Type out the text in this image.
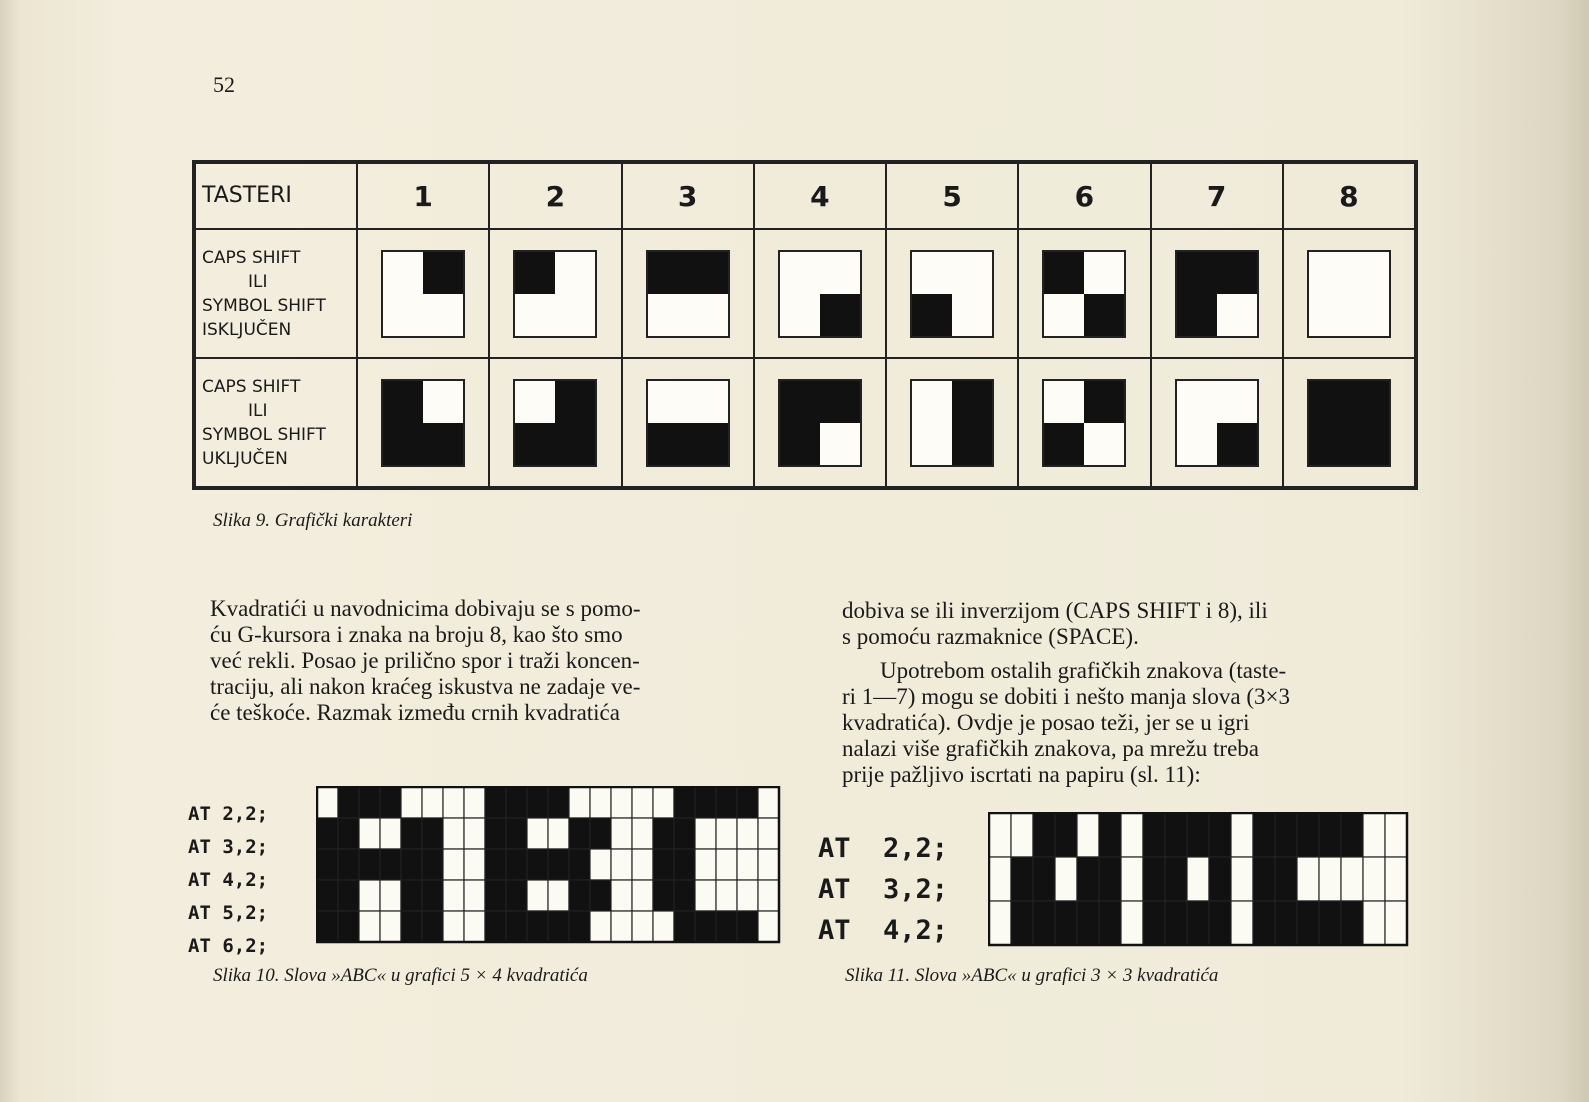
52
TASTERI	1	2	3	4	5	6	7	8

CAPS SHIFT
ILI
SYMBOL SHIFT
ISKLJUČEN								

CAPS SHIFT
ILI
SYMBOL SHIFT
UKLJUČEN								

Slika 9. Grafički karakteri
Kvadratići u navodnicima dobivaju se s pomo-
ću G-kursora i znaka na broju 8, kao što smo
već rekli. Posao je prilično spor i traži koncen-
traciju, ali nakon kraćeg iskustva ne zadaje ve-
će teškoće. Razmak između crnih kvadratića
dobiva se ili inverzijom (CAPS SHIFT i 8), ili
s pomoću razmaknice (SPACE).
Upotrebom ostalih grafičkih znakova (taste-
ri 1—7) mogu se dobiti i nešto manja slova (3×3
kvadratića). Ovdje je posao teži, jer se u igri
nalazi više grafičkih znakova, pa mrežu treba
prije pažljivo iscrtati na papiru (sl. 11):
AT 2,2;
AT 3,2;
AT 4,2;
AT 5,2;
AT 6,2;
Slika 10. Slova »ABC« u grafici 5 × 4 kvadratića
AT  2,2;
AT  3,2;
AT  4,2;
Slika 11. Slova »ABC« u grafici 3 × 3 kvadratića
